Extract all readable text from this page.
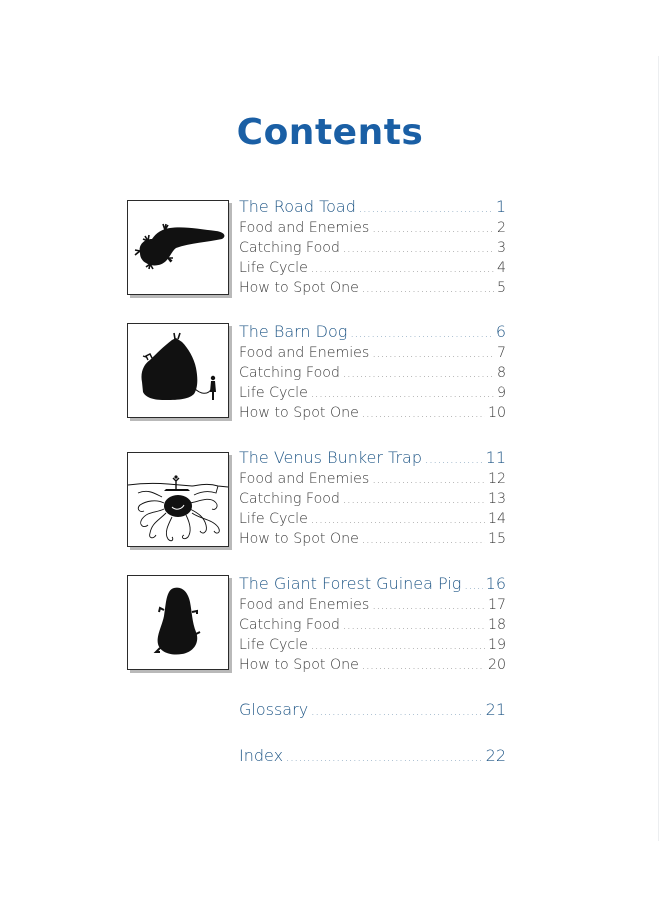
Contents
The Road Toad . . .	1
Food and Enemies . . .	2
Catching Food . . .	3
Life Cycle . . .	4
How to Spot One . . .	5
The Barn Dog . . .	6
Food and Enemies . . .	7
Catching Food . . .	8
Life Cycle . . .	9
How to Spot One . . .	10
The Venus Bunker Trap . . .	11
Food and Enemies . . .	12
Catching Food . . .	13
Life Cycle . . .	14
How to Spot One . . .	15
The Giant Forest Guinea Pig . . . 16
Food and Enemies . . .	17
Catching Food . . .	18
Life Cycle . . .	19
How to Spot One . . .	20
Glossary . . .	21
Index . . .	22
